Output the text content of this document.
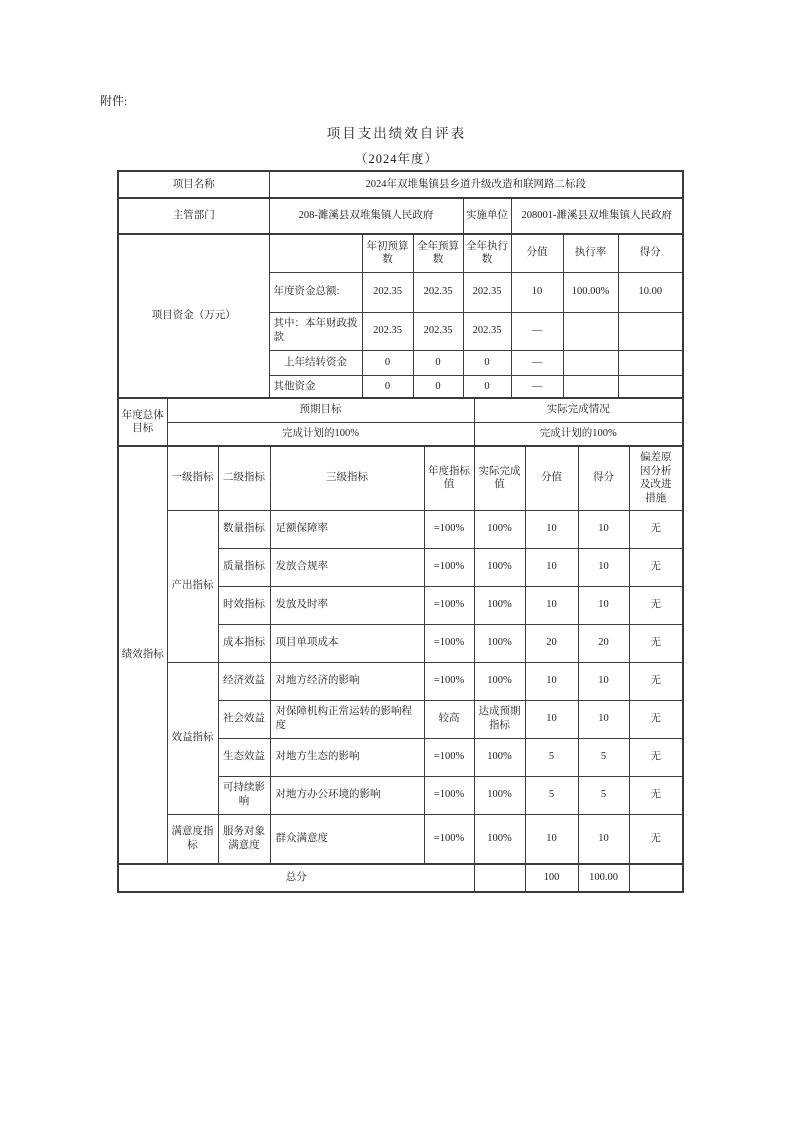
附件:
项目支出绩效自评表
（2024年度）
项目名称	2024年双堆集镇县乡道升级改造和联网路二标段						
主管部门	208-濉溪县双堆集镇人民政府			实施单位	208001-濉溪县双堆集镇人民政府		
项目资金（万元）		年初预算数	全年预算数	全年执行数	分值	执行率	得分
	年度资金总额:	202.35	202.35	202.35	10	100.00%	10.00
	其中：本年财政拨款	202.35	202.35	202.35	—		
	上年结转资金	0	0	0	—		
	其他资金	0	0	0	—		
年度总体目标	预期目标	实际完成情况
	完成计划的100%	完成计划的100%
绩效指标	一级指标	二级指标	三级指标	年度指标值	实际完成值	分值	得分	偏差原因分析及改进措施
	产出指标	数量指标	足额保障率	=100%	100%	10	10	无
		质量指标	发放合规率	=100%	100%	10	10	无
		时效指标	发放及时率	=100%	100%	10	10	无
		成本指标	项目单项成本	=100%	100%	20	20	无
	效益指标	经济效益	对地方经济的影响	=100%	100%	10	10	无
		社会效益	对保障机构正常运转的影响程度	较高	达成预期指标	10	10	无
		生态效益	对地方生态的影响	=100%	100%	5	5	无
		可持续影响	对地方办公环境的影响	=100%	100%	5	5	无
	满意度指标	服务对象满意度	群众满意度	=100%	100%	10	10	无
总分						100	100.00	
